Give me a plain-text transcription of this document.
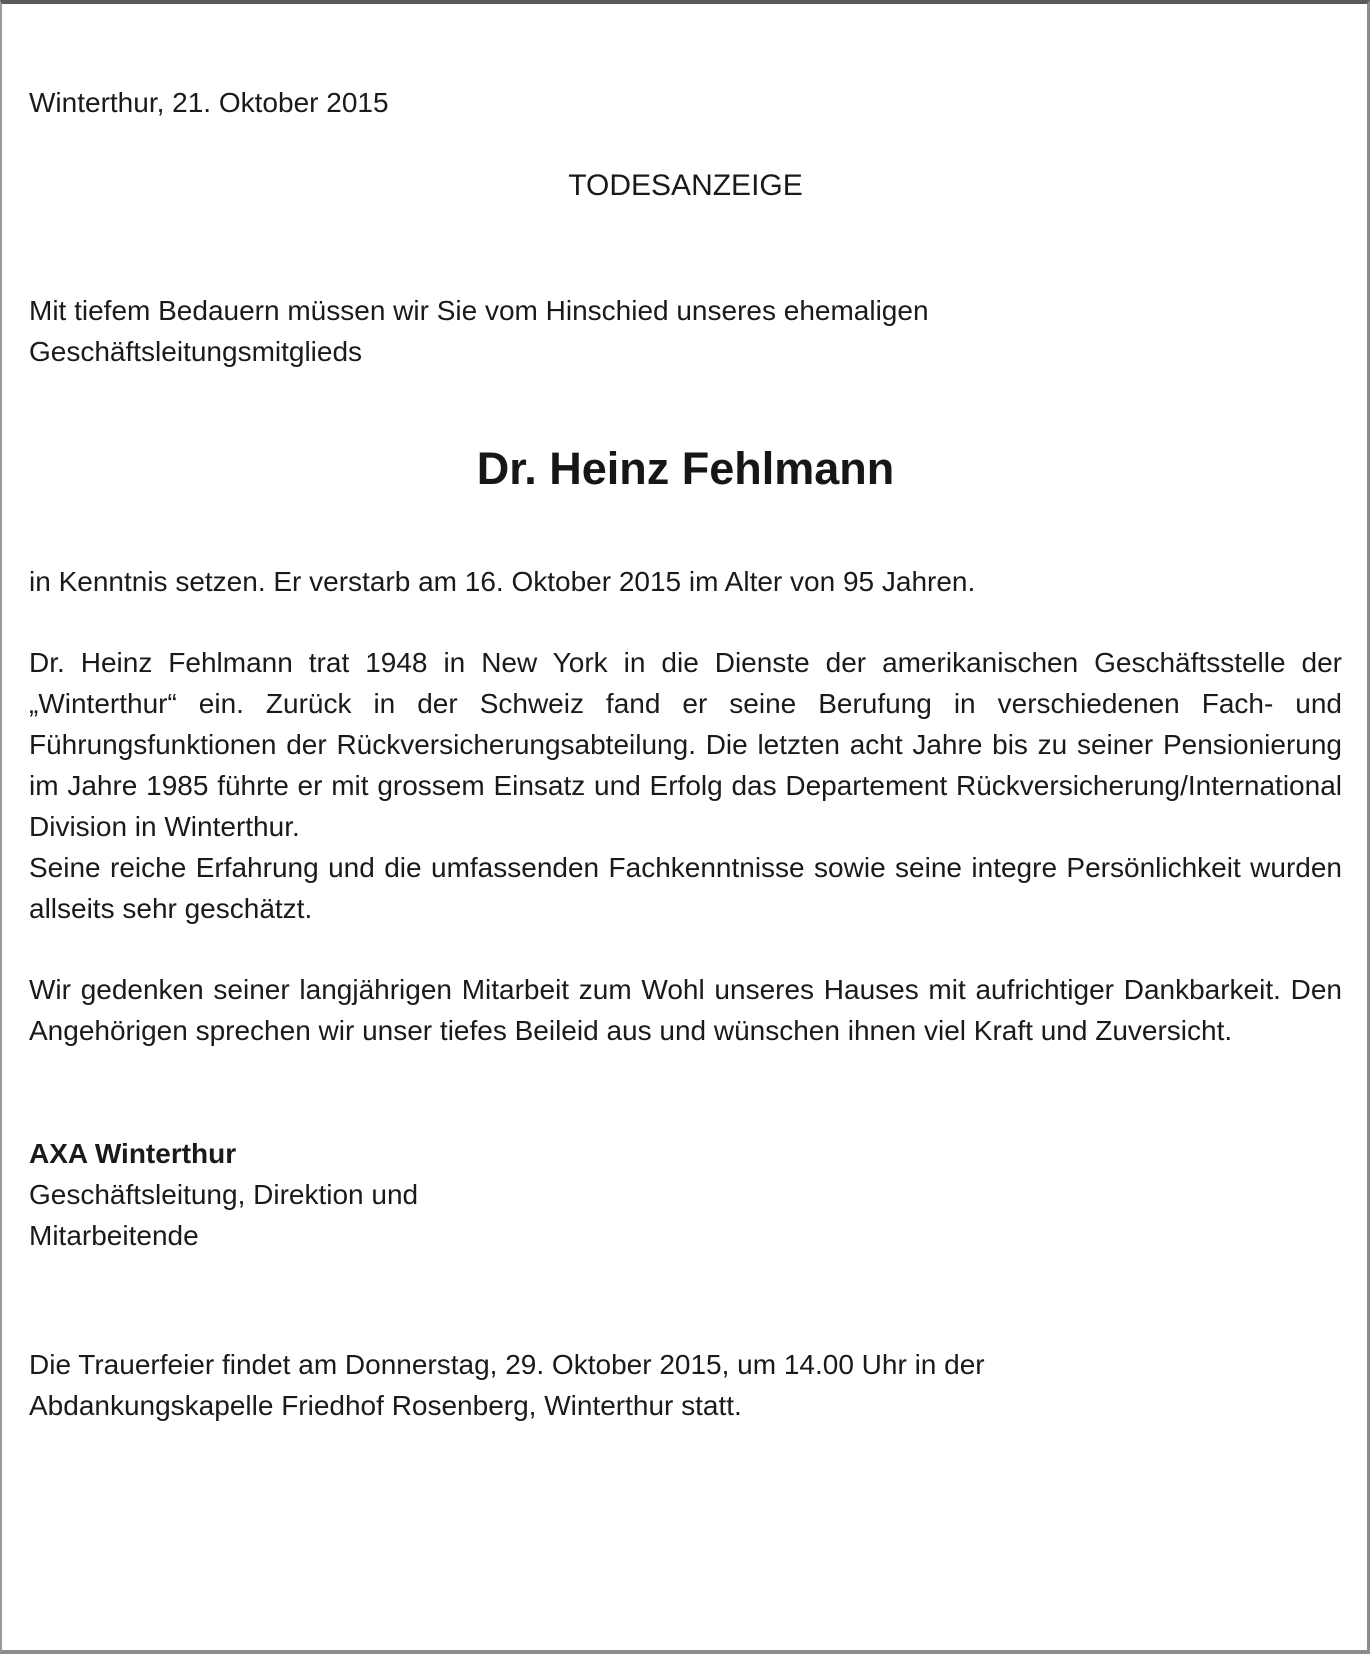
Winterthur, 21. Oktober 2015
TODESANZEIGE
Mit tiefem Bedauern müssen wir Sie vom Hinschied unseres ehemaligen
Geschäftsleitungsmitglieds
Dr. Heinz Fehlmann
in Kenntnis setzen. Er verstarb am 16. Oktober 2015 im Alter von 95 Jahren.
Dr. Heinz Fehlmann trat 1948 in New York in die Dienste der amerikanischen Geschäftsstelle der „Winterthur“ ein. Zurück in der Schweiz fand er seine Berufung in verschiedenen Fach- und Führungsfunktionen der Rückversicherungsabteilung. Die letzten acht Jahre bis zu seiner Pensionierung im Jahre 1985 führte er mit grossem Einsatz und Erfolg das Departement Rückversicherung/International Division in Winterthur.
Seine reiche Erfahrung und die umfassenden Fachkenntnisse sowie seine integre Persönlichkeit wurden allseits sehr geschätzt.
Wir gedenken seiner langjährigen Mitarbeit zum Wohl unseres Hauses mit aufrichtiger Dankbarkeit. Den Angehörigen sprechen wir unser tiefes Beileid aus und wünschen ihnen viel Kraft und Zuversicht.
AXA Winterthur
Geschäftsleitung, Direktion und
Mitarbeitende
Die Trauerfeier findet am Donnerstag, 29. Oktober 2015, um 14.00 Uhr in der
Abdankungskapelle Friedhof Rosenberg, Winterthur statt.
